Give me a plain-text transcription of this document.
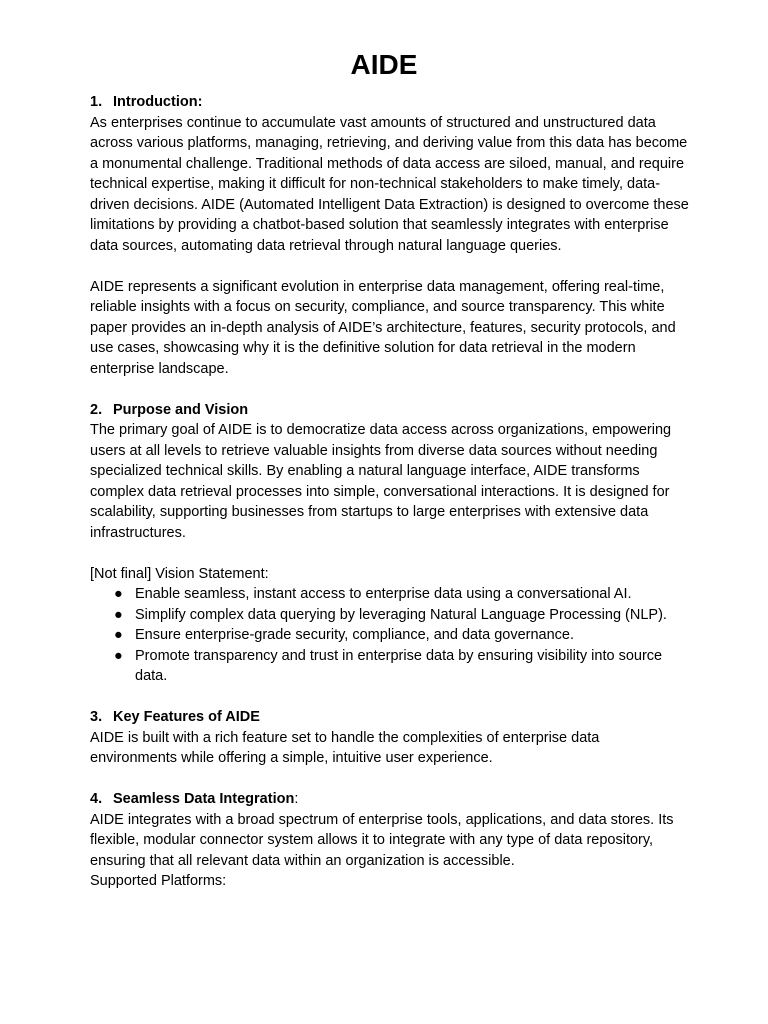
AIDE
1. Introduction:

As enterprises continue to accumulate vast amounts of structured and unstructured data across various platforms, managing, retrieving, and deriving value from this data has become a monumental challenge. Traditional methods of data access are siloed, manual, and require technical expertise, making it difficult for non-technical stakeholders to make timely, data-driven decisions. AIDE (Automated Intelligent Data Extraction) is designed to overcome these limitations by providing a chatbot-based solution that seamlessly integrates with enterprise data sources, automating data retrieval through natural language queries.

AIDE represents a significant evolution in enterprise data management, offering real-time, reliable insights with a focus on security, compliance, and source transparency. This white paper provides an in-depth analysis of AIDE’s architecture, features, security protocols, and use cases, showcasing why it is the definitive solution for data retrieval in the modern enterprise landscape.

2. Purpose and Vision

The primary goal of AIDE is to democratize data access across organizations, empowering users at all levels to retrieve valuable insights from diverse data sources without needing specialized technical skills. By enabling a natural language interface, AIDE transforms complex data retrieval processes into simple, conversational interactions. It is designed for scalability, supporting businesses from startups to large enterprises with extensive data infrastructures.

[Not final] Vision Statement:

● Enable seamless, instant access to enterprise data using a conversational AI.
● Simplify complex data querying by leveraging Natural Language Processing (NLP).
● Ensure enterprise-grade security, compliance, and data governance.
● Promote transparency and trust in enterprise data by ensuring visibility into source data.
3. Key Features of AIDE

AIDE is built with a rich feature set to handle the complexities of enterprise data environments while offering a simple, intuitive user experience.

4. Seamless Data Integration:

AIDE integrates with a broad spectrum of enterprise tools, applications, and data stores. Its flexible, modular connector system allows it to integrate with any type of data repository, ensuring that all relevant data within an organization is accessible.

Supported Platforms:
